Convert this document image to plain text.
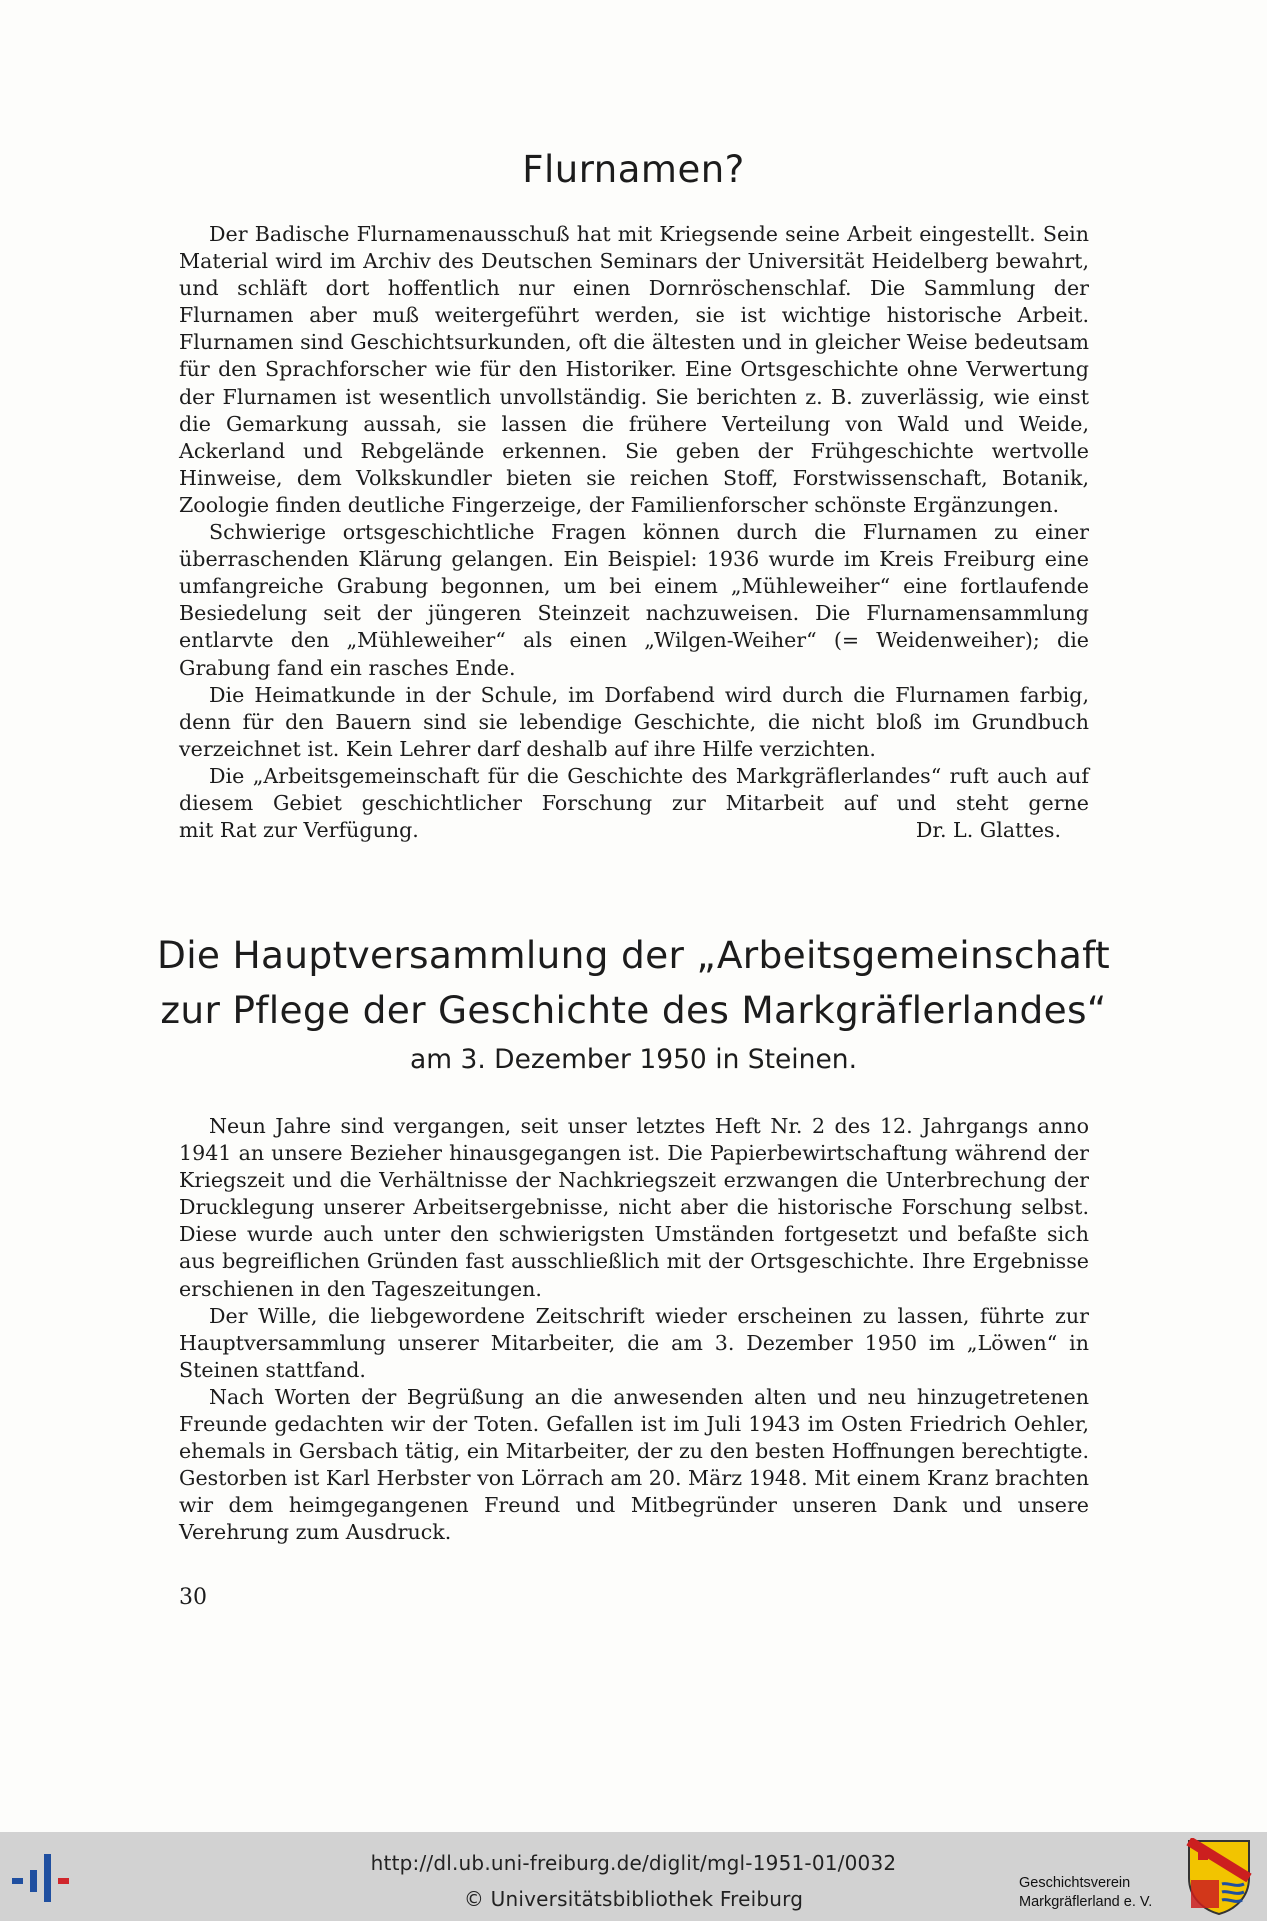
Flurnamen?

Der Badische Flurnamenausschuß hat mit Kriegsende seine Arbeit eingestellt. Sein Material wird im Archiv des Deutschen Seminars der Universität Heidelberg bewahrt, und schläft dort hoffentlich nur einen Dornröschenschlaf. Die Sammlung der Flurnamen aber muß weitergeführt werden, sie ist wichtige historische Arbeit. Flurnamen sind Geschichtsurkunden, oft die ältesten und in gleicher Weise bedeutsam für den Sprachforscher wie für den Historiker. Eine Ortsgeschichte ohne Verwertung der Flurnamen ist wesentlich unvollständig. Sie berichten z. B. zuverlässig, wie einst die Gemarkung aussah, sie lassen die frühere Verteilung von Wald und Weide, Ackerland und Rebgelände erkennen. Sie geben der Frühgeschichte wertvolle Hinweise, dem Volkskundler bieten sie reichen Stoff, Forstwissenschaft, Botanik, Zoologie finden deutliche Fingerzeige, der Familienforscher schönste Ergänzungen.

Schwierige ortsgeschichtliche Fragen können durch die Flurnamen zu einer überraschenden Klärung gelangen. Ein Beispiel: 1936 wurde im Kreis Freiburg eine umfangreiche Grabung begonnen, um bei einem „Mühleweiher“ eine fortlaufende Besiedelung seit der jüngeren Steinzeit nachzuweisen. Die Flurnamensammlung entlarvte den „Mühleweiher“ als einen „Wilgen-Weiher“ (= Weidenweiher); die Grabung fand ein rasches Ende.

Die Heimatkunde in der Schule, im Dorfabend wird durch die Flurnamen farbig, denn für den Bauern sind sie lebendige Geschichte, die nicht bloß im Grundbuch verzeichnet ist. Kein Lehrer darf deshalb auf ihre Hilfe verzichten.

Die „Arbeitsgemeinschaft für die Geschichte des Markgräflerlandes“ ruft auch auf diesem Gebiet geschichtlicher Forschung zur Mitarbeit auf und steht gerne

mit Rat zur Verfügung.	Dr. L. Glattes.
Die Hauptversammlung der „Arbeitsgemeinschaft
zur Pflege der Geschichte des Markgräflerlandes“
am 3. Dezember 1950 in Steinen.

Neun Jahre sind vergangen, seit unser letztes Heft Nr. 2 des 12. Jahrgangs anno 1941 an unsere Bezieher hinausgegangen ist. Die Papierbewirtschaftung während der Kriegszeit und die Verhältnisse der Nachkriegszeit erzwangen die Unterbrechung der Drucklegung unserer Arbeitsergebnisse, nicht aber die historische Forschung selbst. Diese wurde auch unter den schwierigsten Umständen fortgesetzt und befaßte sich aus begreiflichen Gründen fast ausschließlich mit der Ortsgeschichte. Ihre Ergebnisse erschienen in den Tageszeitungen.

Der Wille, die liebgewordene Zeitschrift wieder erscheinen zu lassen, führte zur Hauptversammlung unserer Mitarbeiter, die am 3. Dezember 1950 im „Löwen“ in Steinen stattfand.

Nach Worten der Begrüßung an die anwesenden alten und neu hinzugetretenen Freunde gedachten wir der Toten. Gefallen ist im Juli 1943 im Osten Friedrich Oehler, ehemals in Gersbach tätig, ein Mitarbeiter, der zu den besten Hoffnungen berechtigte. Gestorben ist Karl Herbster von Lörrach am 20. März 1948. Mit einem Kranz brachten wir dem heimgegangenen Freund und Mitbegründer unseren Dank und unsere Verehrung zum Ausdruck.

30
http://dl.ub.uni-freiburg.de/diglit/mgl-1951-01/0032
© Universitätsbibliothek Freiburg
Geschichtsverein
Markgräflerland e. V.
